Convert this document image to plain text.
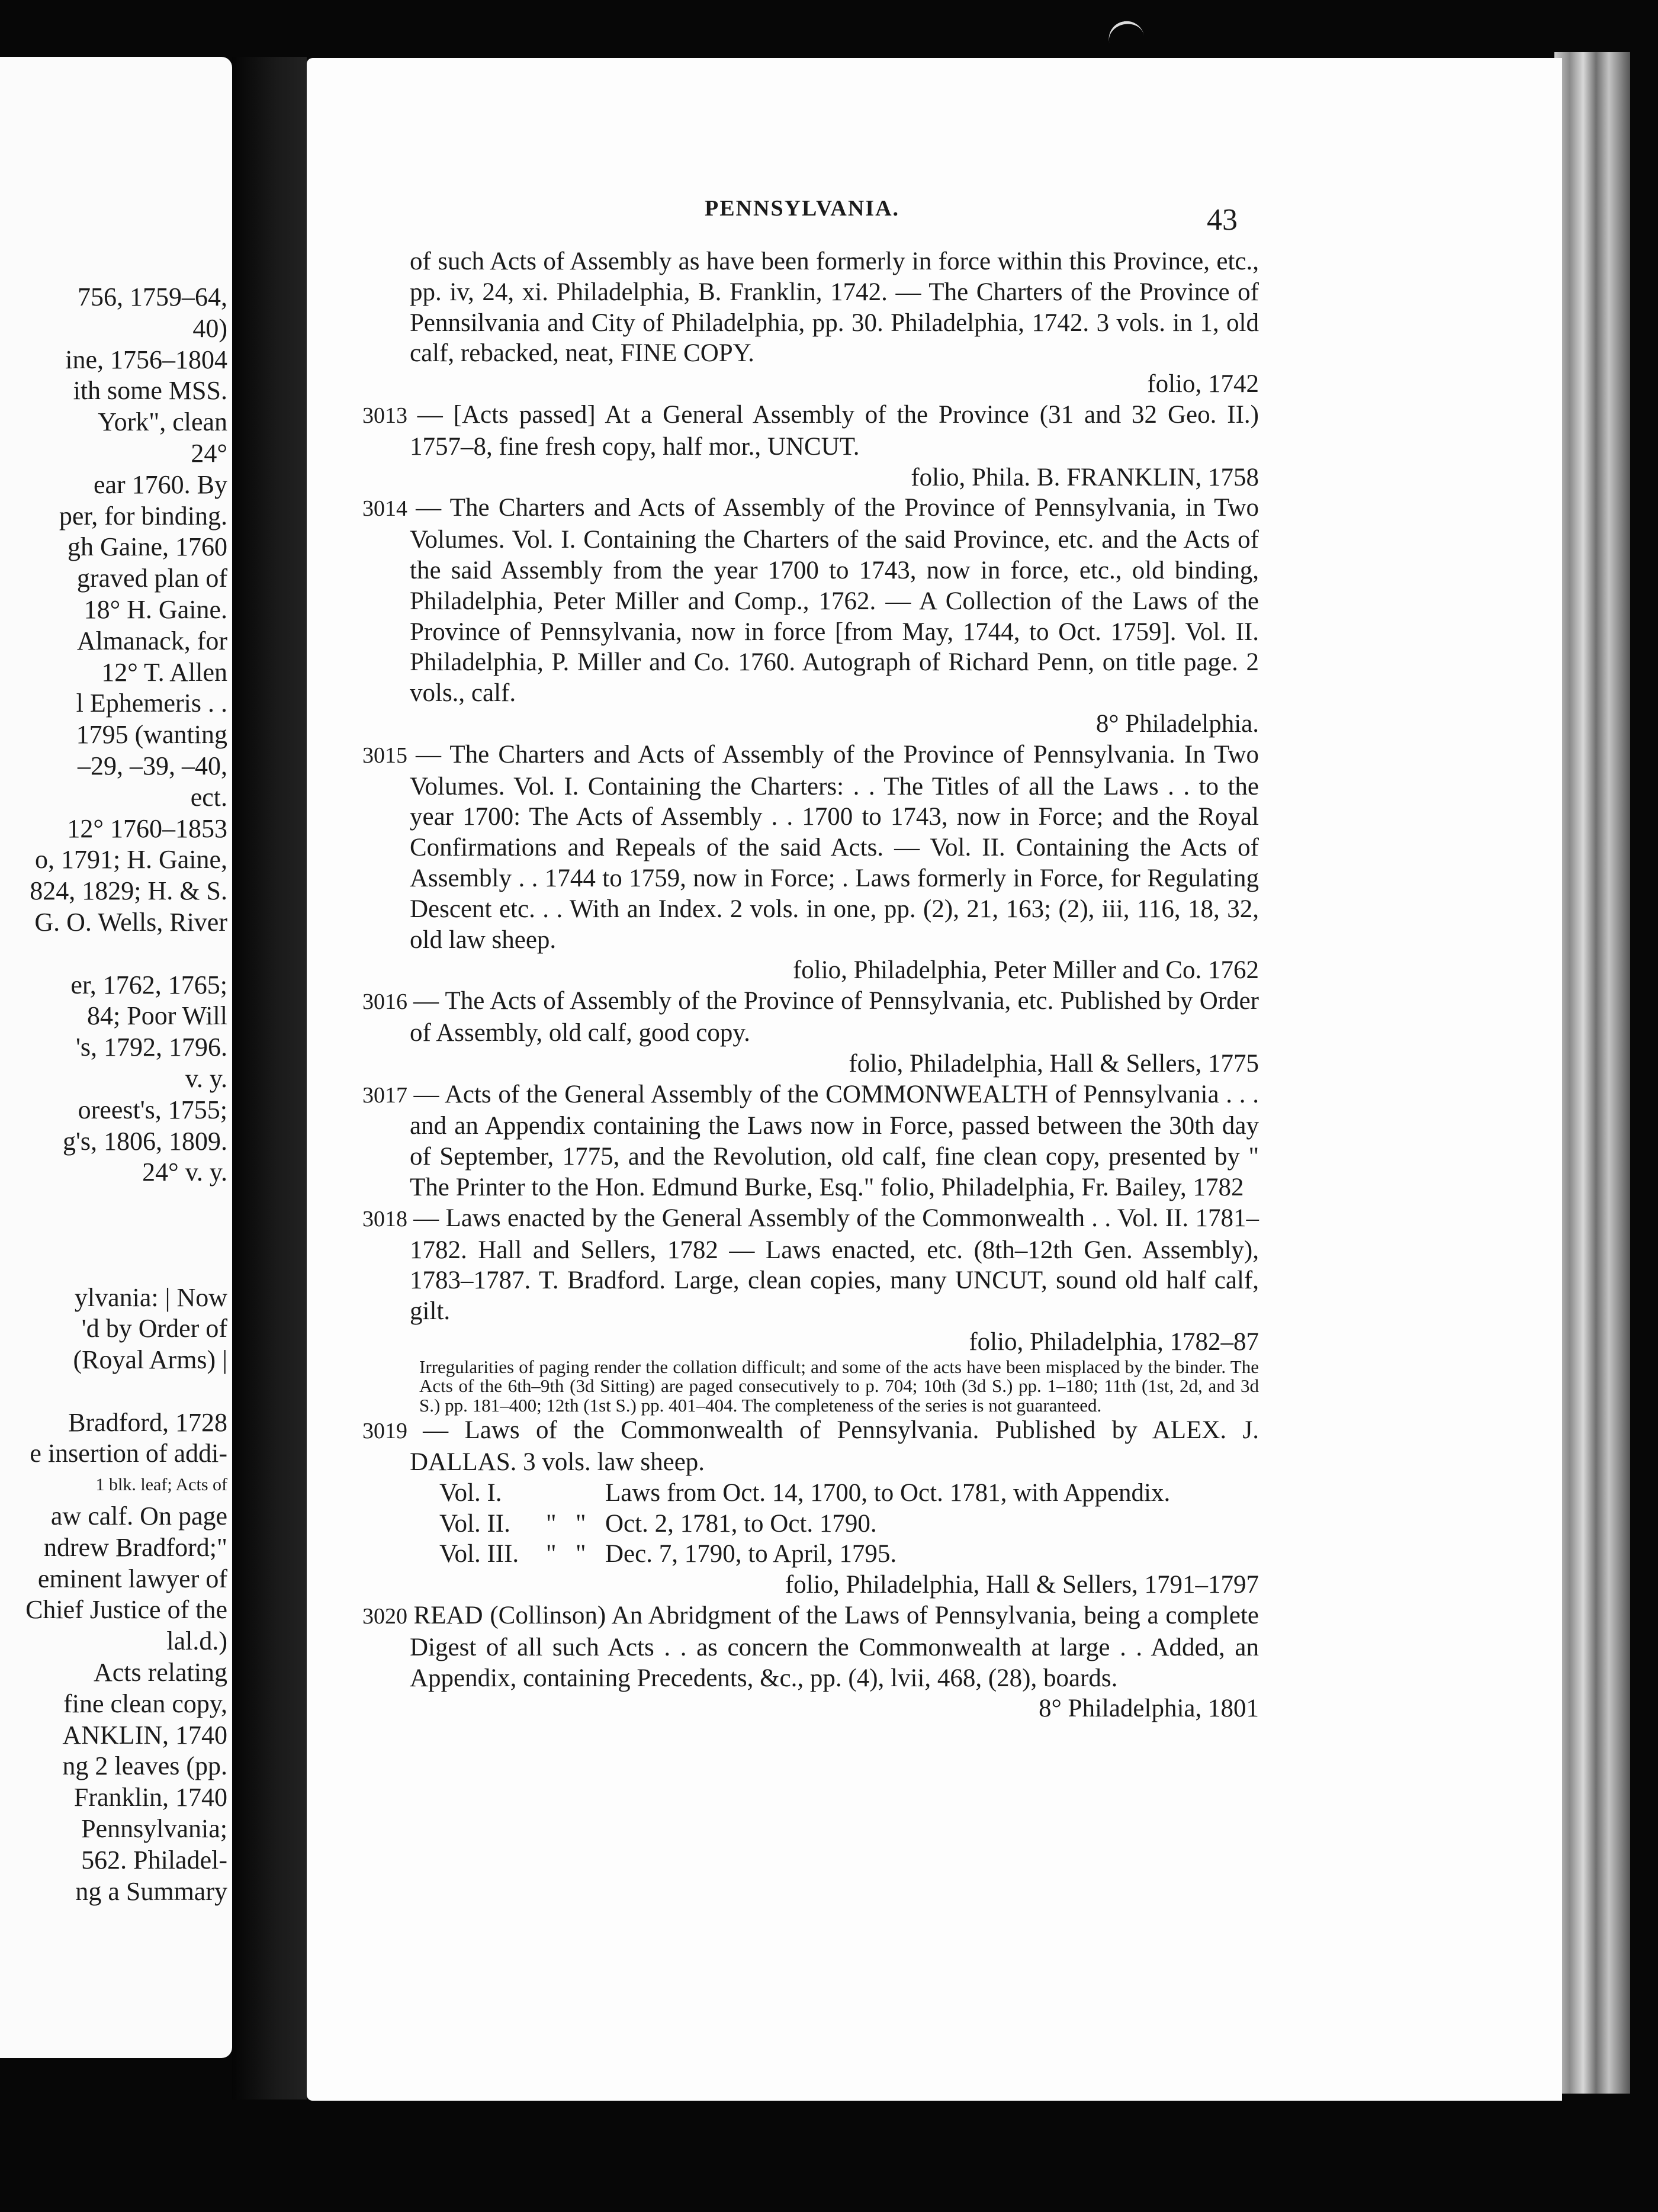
756, 1759–64,
40)
ine, 1756–1804
ith some MSS.
York", clean
24°
ear 1760. By
per, for binding.
gh Gaine, 1760
graved plan of
18° H. Gaine.
Almanack, for
12° T. Allen
l Ephemeris . .
1795 (wanting
–29, –39, –40,
ect.
12° 1760–1853
o, 1791; H. Gaine,
824, 1829; H. & S.
G. O. Wells, River
er, 1762, 1765;
84; Poor Will
's, 1792, 1796.
v. y.
oreest's, 1755;
g's, 1806, 1809.
24° v. y.
ylvania: | Now
'd by Order of
(Royal Arms) |
Bradford, 1728
e insertion of addi-
1 blk. leaf; Acts of
aw calf. On page
ndrew Bradford;"
eminent lawyer of
Chief Justice of the
lal.d.)
Acts relating
fine clean copy,
ANKLIN, 1740
ng 2 leaves (pp.
Franklin, 1740
Pennsylvania;
562. Philadel-
ng a Summary
PENNSYLVANIA.	43
of such Acts of Assembly as have been formerly in force within this Province, etc., pp. iv, 24, xi. Philadelphia, B. Franklin, 1742. — The Charters of the Province of Pennsilvania and City of Philadelphia, pp. 30. Philadelphia, 1742. 3 vols. in 1, old calf, rebacked, neat, FINE COPY.
folio, 1742
3013 — [Acts passed] At a General Assembly of the Province (31 and 32 Geo. II.) 1757–8, fine fresh copy, half mor., UNCUT.
folio, Phila. B. FRANKLIN, 1758
3014 — The Charters and Acts of Assembly of the Province of Pennsylvania, in Two Volumes. Vol. I. Containing the Charters of the said Province, etc. and the Acts of the said Assembly from the year 1700 to 1743, now in force, etc., old binding, Philadelphia, Peter Miller and Comp., 1762. — A Collection of the Laws of the Province of Pennsylvania, now in force [from May, 1744, to Oct. 1759]. Vol. II. Philadelphia, P. Miller and Co. 1760. Autograph of Richard Penn, on title page. 2 vols., calf.
8° Philadelphia.
3015 — The Charters and Acts of Assembly of the Province of Pennsylvania. In Two Volumes. Vol. I. Containing the Charters: . . The Titles of all the Laws . . to the year 1700: The Acts of Assembly . . 1700 to 1743, now in Force; and the Royal Confirmations and Repeals of the said Acts. — Vol. II. Containing the Acts of Assembly . . 1744 to 1759, now in Force; . Laws formerly in Force, for Regulating Descent etc. . . With an Index. 2 vols. in one, pp. (2), 21, 163; (2), iii, 116, 18, 32, old law sheep.
folio, Philadelphia, Peter Miller and Co. 1762
3016 — The Acts of Assembly of the Province of Pennsylvania, etc. Published by Order of Assembly, old calf, good copy.
folio, Philadelphia, Hall & Sellers, 1775
3017 — Acts of the General Assembly of the COMMONWEALTH of Pennsylvania . . . and an Appendix containing the Laws now in Force, passed between the 30th day of September, 1775, and the Revolution, old calf, fine clean copy, presented by " The Printer to the Hon. Edmund Burke, Esq." folio, Philadelphia, Fr. Bailey, 1782
3018 — Laws enacted by the General Assembly of the Commonwealth . . Vol. II. 1781–1782. Hall and Sellers, 1782 — Laws enacted, etc. (8th–12th Gen. Assembly), 1783–1787. T. Bradford. Large, clean copies, many UNCUT, sound old half calf, gilt.
folio, Philadelphia, 1782–87
Irregularities of paging render the collation difficult; and some of the acts have been misplaced by the binder. The Acts of the 6th–9th (3d Sitting) are paged consecutively to p. 704; 10th (3d S.) pp. 1–180; 11th (1st, 2d, and 3d S.) pp. 181–400; 12th (1st S.) pp. 401–404. The completeness of the series is not guaranteed.
3019 — Laws of the Commonwealth of Pennsylvania. Published by ALEX. J. DALLAS. 3 vols. law sheep.
Vol. I.	Laws from Oct. 14, 1700, to Oct. 1781, with Appendix.
Vol. II. " " Oct. 2, 1781, to Oct. 1790.
Vol. III. " " Dec. 7, 1790, to April, 1795.
folio, Philadelphia, Hall & Sellers, 1791–1797
3020 READ (Collinson) An Abridgment of the Laws of Pennsylvania, being a complete Digest of all such Acts . . as concern the Commonwealth at large . . Added, an Appendix, containing Precedents, &c., pp. (4), lvii, 468, (28), boards.
8° Philadelphia, 1801
